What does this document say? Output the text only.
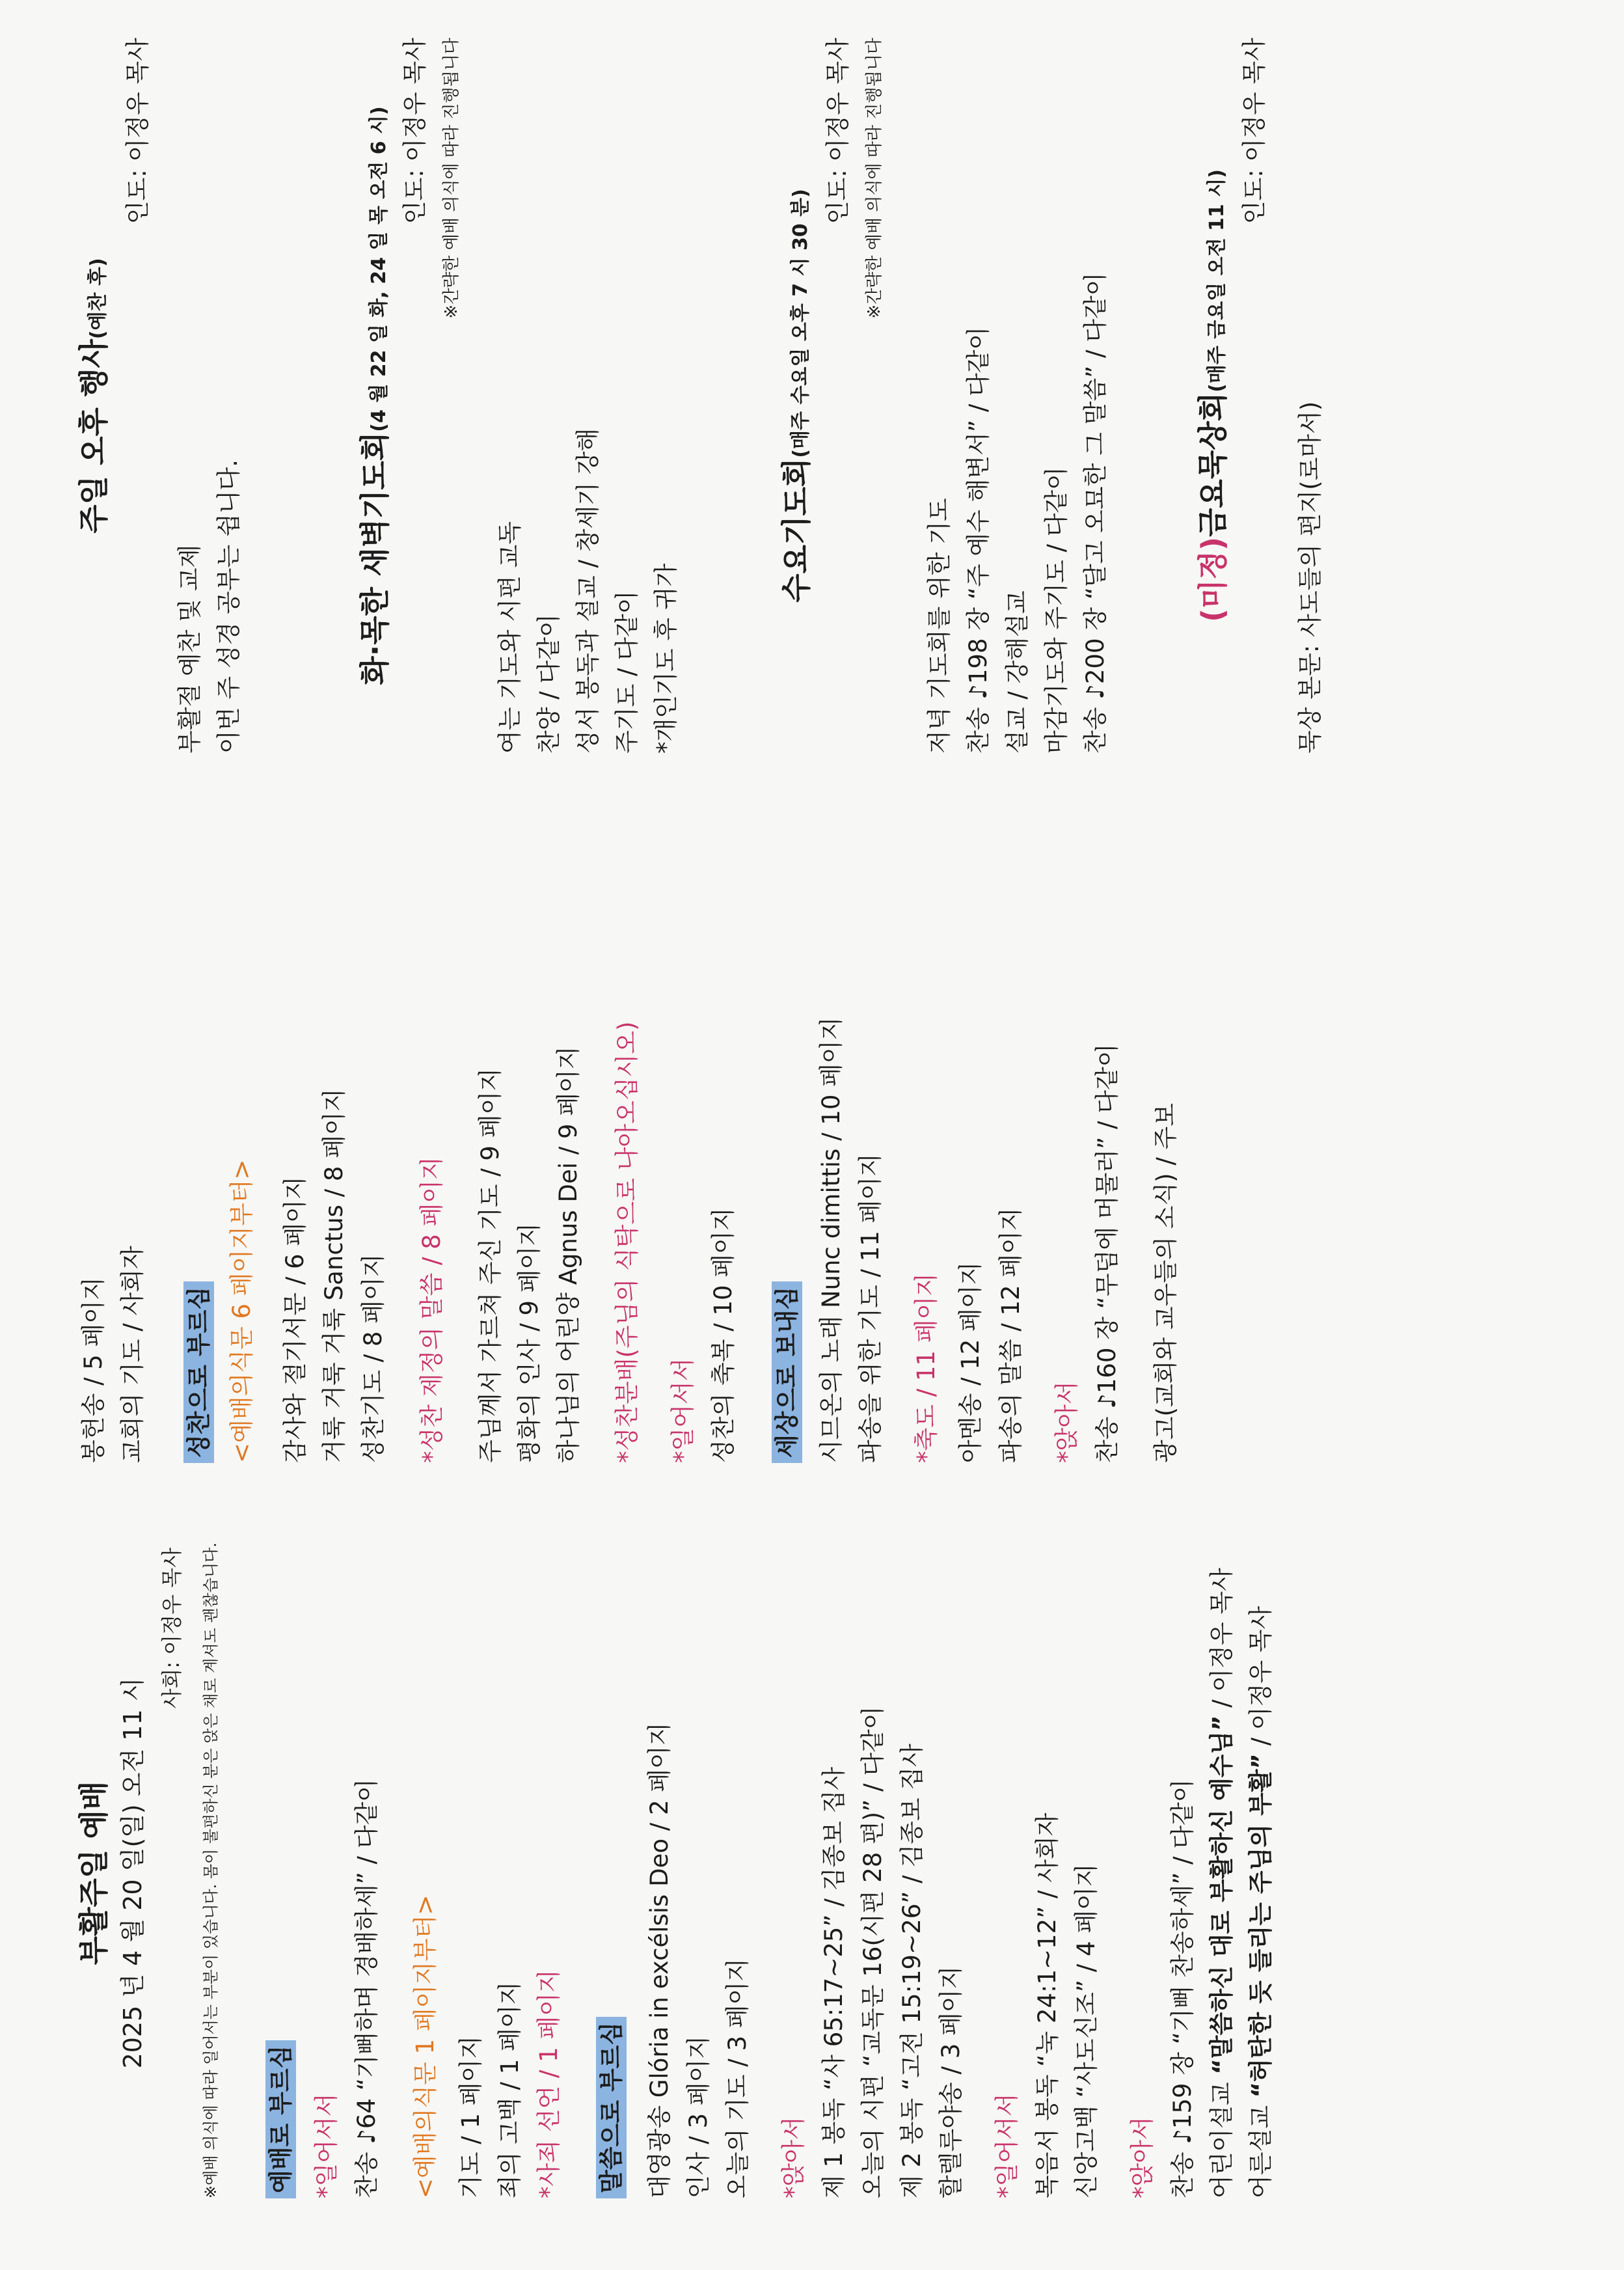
부활주일 예배 2025 년 4 월 20 일(일) 오전 11 시
사회: 이정우 목사	※예배 의식에 따라 일어서는 부분이 있습니다. 몸이 불편하신 분은 앉은 채로 계셔도 괜찮습니다. 예배로 부르심 *일어서서 찬송 ♪64 “기뻐하며 경배하세” / 다같이 <예배의식문 1 페이지부터> 기도 / 1 페이지 죄의 고백 / 1 페이지 *사죄 선언 / 1 페이지 말씀으로 부르심 대영광송 Glória in excélsis Deo / 2 페이지 인사 / 3 페이지 오늘의 기도 / 3 페이지 *앉아서 제 1 봉독 “사 65:17~25” / 김종보 집사 오늘의 시편 “교독문 16(시편 28 편)” / 다같이 제 2 봉독 “고전 15:19~26” / 김종보 집사 할렐루야송 / 3 페이지 *일어서서 복음서 봉독 “눅 24:1~12” / 사회자 신앙고백 “사도신조” / 4 페이지 *앉아서 찬송 ♪159 장 “기뻐 찬송하세” / 다같이 어린이설교 “말씀하신 대로 부활하신 예수님” / 이정우 목사
어른설교 “허탄한 듯 들리는 주님의 부활” / 이정우 목사
봉헌송 / 5 페이지 교회의 기도 / 사회자 성찬으로 부르심 <예배의식문 6 페이지부터> 감사와 절기서문 / 6 페이지 거룩 거룩 거룩 Sanctus / 8 페이지 성찬기도 / 8 페이지 *성찬 제정의 말씀 / 8 페이지 주님께서 가르쳐 주신 기도 / 9 페이지 평화의 인사 / 9 페이지 하나님의 어린양 Agnus Dei / 9 페이지 *성찬분배(주님의 식탁으로 나아오십시오) *일어서서 성찬의 축복 / 10 페이지 세상으로 보내심 시므온의 노래 Nunc dimittis / 10 페이지 파송을 위한 기도 / 11 페이지 *축도 / 11 페이지 아멘송 / 12 페이지 파송의 말씀 / 12 페이지 *앉아서 찬송 ♪160 장 “무덤에 머물러” / 다같이 광고(교회와 교우들의 소식) / 주보
주일 오후 행사(예찬 후)
인도: 이정우 목사
부활절 예찬 및 교제 이번 주 성경 공부는 쉽니다.	화·목한 새벽기도회(4 월 22 일 화, 24 일 목 오전 6 시) 인도: 이정우 목사 ※간략한 예배 의식에 따라 진행됩니다
여는 기도와 시편 교독 찬양 / 다같이 성서 봉독과 설교 / 창세기 강해 주기도 / 다같이 *개인기도 후 귀가
수요기도회(매주 수요일 오후 7 시 30 분)
인도: 이정우 목사 ※간략한 예배 의식에 따라 진행됩니다
저녁 기도회를 위한 기도 찬송 ♪198 장 “주 예수 해변서” / 다같이 설교 / 강해설교 마감기도와 주기도 / 다같이 찬송 ♪200 장 “달고 오묘한 그 말씀” / 다같이	(미정)금요묵상회(매주 금요일 오전 11 시)
인도: 이정우 목사
묵상 본문: 사도들의 편지(로마서)
